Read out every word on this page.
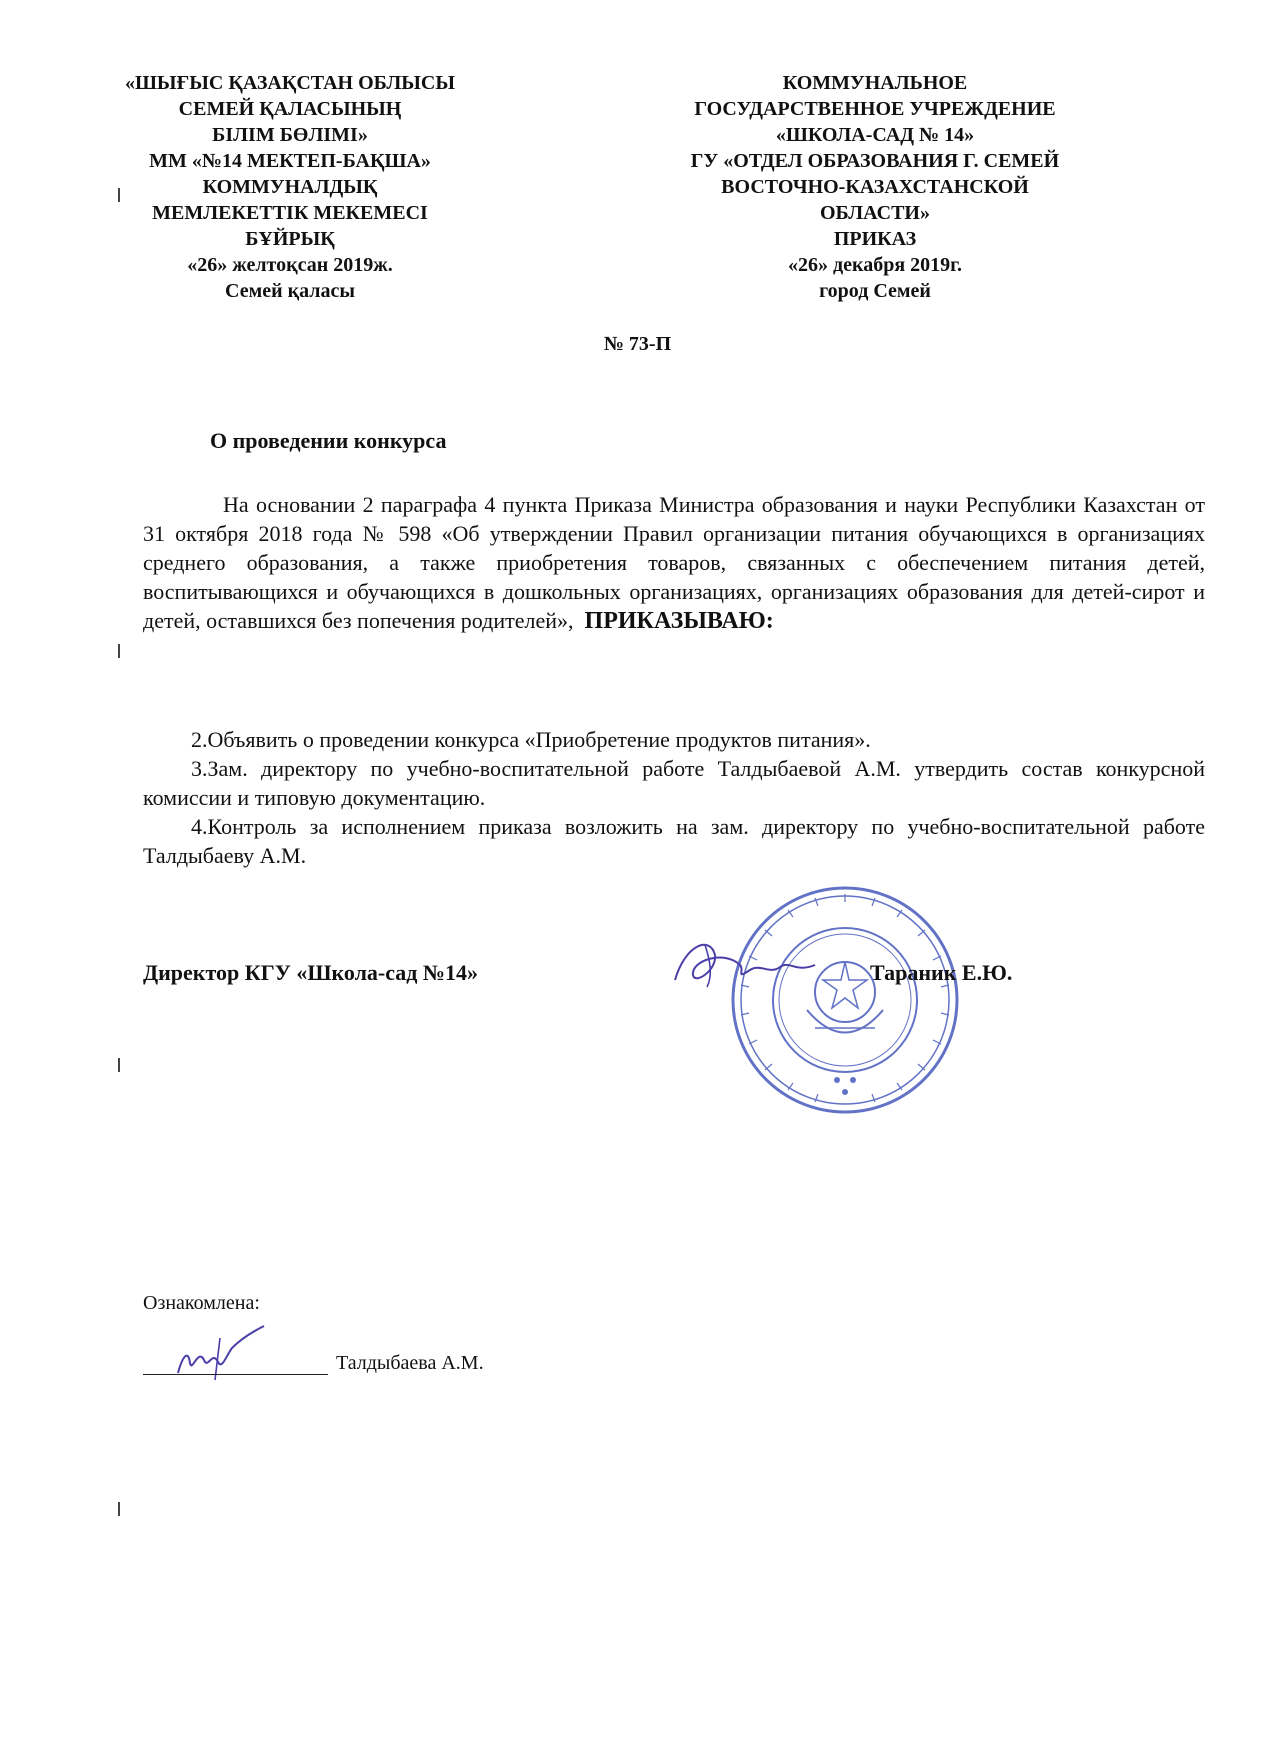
«ШЫҒЫС ҚАЗАҚСТАН ОБЛЫСЫ
СЕМЕЙ ҚАЛАСЫНЫҢ
БІЛІМ БӨЛІМІ»
ММ «№14 МЕКТЕП-БАҚША»
КОММУНАЛДЫҚ
МЕМЛЕКЕТТІК МЕКЕМЕСІ
БҰЙРЫҚ
«26» желтоқсан 2019ж.
Семей қаласы
КОММУНАЛЬНОЕ
ГОСУДАРСТВЕННОЕ УЧРЕЖДЕНИЕ
«ШКОЛА-САД № 14»
ГУ «ОТДЕЛ ОБРАЗОВАНИЯ Г. СЕМЕЙ
ВОСТОЧНО-КАЗАХСТАНСКОЙ
ОБЛАСТИ»
ПРИКАЗ
«26» декабря 2019г.
город Семей
№ 73-П
О проведении конкурса
На основании 2 параграфа 4 пункта Приказа Министра образования и науки Республики Казахстан от 31 октября 2018 года № 598 «Об утверждении Правил организации питания обучающихся в организациях среднего образования, а также приобретения товаров, связанных с обеспечением питания детей, воспитывающихся и обучающихся в дошкольных организациях, организациях образования для детей-сирот и детей, оставшихся без попечения родителей», ПРИКАЗЫВАЮ:

2.Объявить о проведении конкурса «Приобретение продуктов питания».

3.Зам. директору по учебно-воспитательной работе Талдыбаевой А.М. утвердить состав конкурсной комиссии и типовую документацию.

4.Контроль за исполнением приказа возложить на зам. директору по учебно-воспитательной работе Талдыбаеву А.М.

Директор КГУ «Школа-сад №14»	Тараник Е.Ю.
Ознакомлена:
Талдыбаева А.М.
